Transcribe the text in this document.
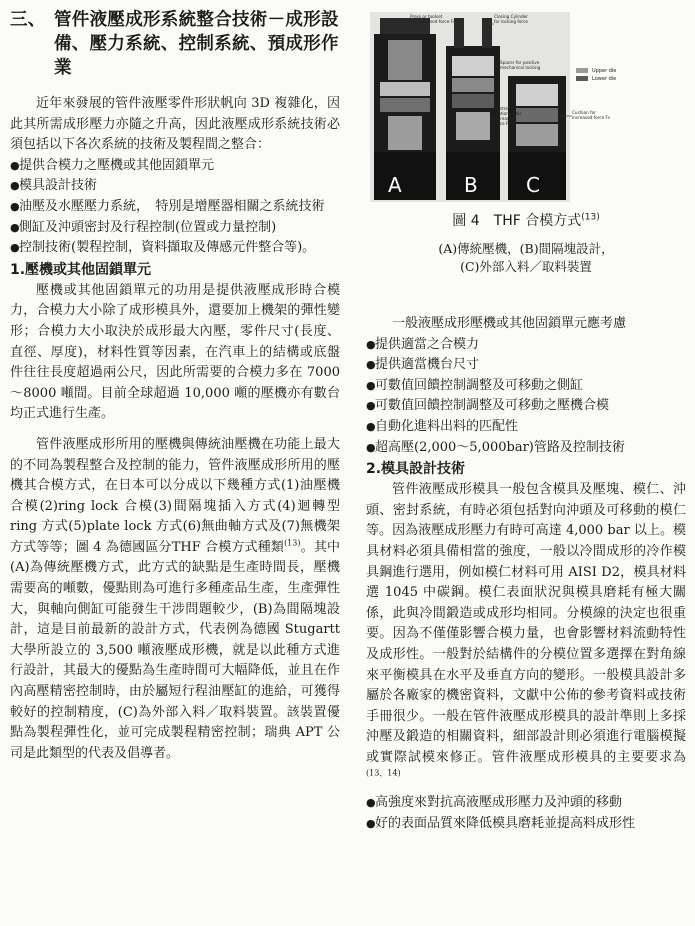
三、 管件液壓成形系統整合技術－成形設備、壓力系統、控制系統、預成形作業

近年來發展的管件液壓零件形狀帆向 3D 複雜化，因此其所需成形壓力亦隨之升高，因此液壓成形系統技術必須包括以下各次系統的技術及製程間之整合：

● 提供合模力之壓機或其他固鎖單元
● 模具設計技術
● 油壓及水壓壓力系統，　特別是增壓器相關之系統技術
● 側缸及沖頭密封及行程控制(位置或力量控制)
● 控制技術(製程控制，資料擷取及傳感元件整合等)。
1.壓機或其他固鎖單元

壓機或其他固鎖單元的功用是提供液壓成形時合模力，合模力大小除了成形模具外，還要加上機架的彈性變形；合模力大小取決於成形最大內壓，零件尺寸(長度、直徑、厚度)，材料性質等因素，在汽車上的結構或底盤件往往長度超過兩公尺，因此所需要的合模力多在 7000～8000 噸間。目前全球超過 10,000 噸的壓機亦有數台均正式進行生產。

管件液壓成形所用的壓機與傳統油壓機在功能上最大的不同為製程整合及控制的能力，管件液壓成形所用的壓機其合模方式，在日本可以分成以下幾種方式(1)油壓機合模(2)ring lock 合模(3)間隔塊插入方式(4)迴轉型 ring 方式(5)plate lock 方式(6)無曲軸方式及(7)無機架方式等等；圖 4 為德國區分THF 合模方式種類$^{(13)}$。其中(A)為傳統壓機方式，此方式的缺點是生產時間長，壓機需要高的噸數，優點則為可進行多種產品生產，生產彈性大，與軸向側缸可能發生干涉問題較少，(B)為間隔塊設計，這是目前最新的設計方式，代表例為德國 Stugartt 大學所設立的 3,500 噸液壓成形機，就是以此種方式進行設計，其最大的優點為生產時間可大幅降低，並且在作內高壓精密控制時，由於屬短行程油壓缸的進給，可獲得較好的控制精度，(C)為外部入料／取料裝置。該裝置優點為製程彈性化，並可完成製程精密控制；瑞典 APT 公司是此類型的代表及倡導者。

A	B C
Press or toolset
for increased force Fs
Closing Cylinder
for locking force
Spacer for positive
mechanical locking
Control
(optional) for
increased
force F3
Cushion for
increased force Fs
Upper die
Lower die
圖 4　THF 合模方式$^{(13)}$
(A)傳統壓機，(B)間隔塊設計，
(C)外部入料／取料裝置

一般液壓成形壓機或其他固鎖單元應考慮

● 提供適當之合模力
● 提供適當機台尺寸
● 可數值回饋控制調整及可移動之側缸
● 可數值回饋控制調整及可移動之壓機合模
● 自動化進料出料的匹配性
● 超高壓(2,000～5,000bar)管路及控制技術
2.模具設計技術

管件液壓成形模具一般包含模具及壓塊、模仁、沖頭、密封系統，有時必須包括對向沖頭及可移動的模仁等。因為液壓成形壓力有時可高達 4,000 bar 以上。模具材料必須具備相當的強度，一般以冷間成形的冷作模具鋼進行選用，例如模仁材料可用 AISI D2，模具材料選 1045 中碳鋼。模仁表面狀況與模具磨耗有極大關係，此與冷間鍛造或成形均相同。分模線的決定也很重要。因為不僅僅影響合模力量，也會影響材料流動特性及成形性。一般對於結構件的分模位置多選擇在對角線來平衡模具在水平及垂直方向的變形。一般模具設計多屬於各廠家的機密資料，文獻中公佈的參考資料或技術手冊很少。一般在管件液壓成形模具的設計準則上多採沖壓及鍛造的相關資料，細部設計則必須進行電腦模擬或實際試模來修正。管件液壓成形模具的主要要求為$^{(13、14)}$

● 高強度來對抗高液壓成形壓力及沖頭的移動
● 好的表面品質來降低模具磨耗並提高料成形性
